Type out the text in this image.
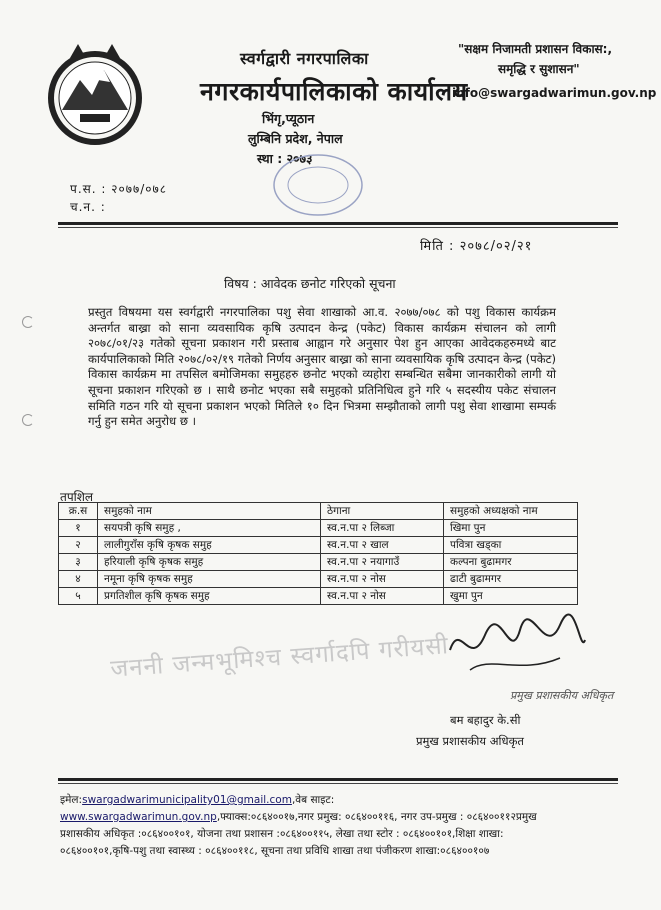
स्वर्गद्वारी नगरपालिका
नगरकार्यपालिकाको कार्यालय
भिंगृ,प्यूठान
लुम्बिनि प्रदेश, नेपाल
स्था : २०७३
"सक्षम निजामती प्रशासन विकास:,
समृद्धि र सुशासन"
info@swargadwarimun.gov.np
प.स. : २०७७/०७८
च.न. :
मिति : २०७८/०२/२१
विषय : आवेदक छनोट गरिएको सूचना
प्रस्तुत विषयमा यस स्वर्गद्वारी नगरपालिका पशु सेवा शाखाको आ.व. २०७७/०७८ को पशु विकास कार्यक्रम अन्तर्गत बाख्रा को साना व्यवसायिक कृषि उत्पादन केन्द्र (पकेट) विकास कार्यक्रम संचालन को लागी २०७८/०१/२३ गतेको सूचना प्रकाशन गरी प्रस्ताब आह्वान गरे अनुसार पेश हुन आएका आवेदकहरुमध्ये बाट कार्यपालिकाको मिति २०७८/०२/१९ गतेको निर्णय अनुसार बाख्रा को साना व्यवसायिक कृषि उत्पादन केन्द्र (पकेट) विकास कार्यक्रम मा तपसिल बमोजिमका समुहहरु छनोट भएको व्यहोरा सम्बन्धित सबैमा जानकारीको लागी यो सूचना प्रकाशन गरिएको छ । साथै छनोट भएका सबै समुहको प्रतिनिधित्व हुने गरि ५ सदस्यीय पकेट संचालन समिति गठन गरि यो सूचना प्रकाशन भएको मितिले १० दिन भित्रमा सम्झौताको लागी पशु सेवा शाखामा सम्पर्क गर्नु हुन समेत अनुरोध छ ।
तपशिल
क्र.स	समुहको नाम	ठेगाना	समुहको अध्यक्षको नाम
१	सयपत्री कृषि समुह ,	स्व.न.पा २ लिब्जा	खिमा पुन
२	लालीगुराँस कृषि कृषक समुह	स्व.न.पा २ खाल	पवित्रा खड्का
३	हरियाली कृषि कृषक समुह	स्व.न.पा २ नयागाउँ	कल्पना बुढामगर
४	नमूना कृषि कृषक समुह	स्व.न.पा २ नोस	ढाटी बुढामगर
५	प्रगतिशील कृषि कृषक समुह	स्व.न.पा २ नोस	खुमा पुन
जननी जन्मभूमिश्च स्वर्गादपि गरीयसी
प्रमुख प्रशासकीय अधिकृत
बम बहादुर के.सी
प्रमुख प्रशासकीय अधिकृत
इमेल:swargadwarimunicipality01@gmail.com,वेब साइट: www.swargadwarimun.gov.np,फ्याक्स:०८६४००१७,नगर प्रमुख: ०८६४००११६, नगर उप-प्रमुख : ०८६४००११२प्रमुख प्रशासकीय अधिकृत :०८६४००१०१, योजना तथा प्रशासन :०८६४००११५, लेखा तथा स्टोर : ०८६४००१०१,शिक्षा शाखा: ०८६४००१०१,कृषि-पशु तथा स्वास्थ्य : ०८६४००११८, सूचना तथा प्रविधि शाखा तथा पंजीकरण शाखा:०८६४००१०७
